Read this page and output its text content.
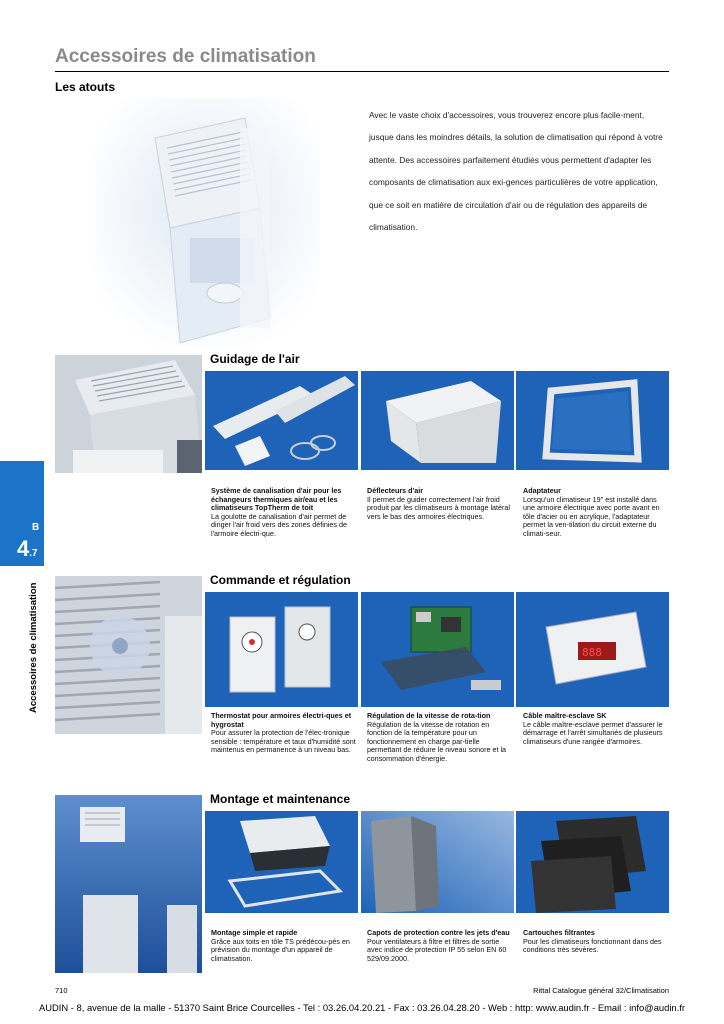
Accessoires de climatisation
Les atouts

Avec le vaste choix d'accessoires, vous trouverez encore plus facile-ment, jusque dans les moindres détails, la solution de climatisation qui répond à votre attente. Des accessoires parfaitement étudiés vous permettent d'adapter les composants de climatisation aux exi-gences particulières de votre application, que ce soit en matière de circulation d'air ou de régulation des appareils de climatisation.

B
4.7
Accessoires de climatisation
Guidage de l'air

Système de canalisation d'air pour les échangeurs thermiques air/eau et les climatiseurs TopTherm de toit
La goulotte de canalisation d'air permet de diriger l'air froid vers des zones définies de l'armoire électri-que.

Déflecteurs d'air
Il permet de guider correctement l'air froid produit par les climatiseurs à montage latéral vers le bas des armoires électriques.

Adaptateur
Lorsqu'un climatiseur 19" est installé dans une armoire électrique avec porte avant en tôle d'acier ou en acrylique, l'adaptateur permet la ven-tilation du circuit externe du climati-seur.

Commande et régulation
888

Thermostat pour armoires électri-ques et hygrostat
Pour assurer la protection de l'élec-tronique sensible : température et taux d'humidité sont maintenus en permanence à un niveau bas.

Régulation de la vitesse de rota-tion
Régulation de la vitesse de rotation en fonction de la température pour un fonctionnement en charge par-tielle permettant de réduire le niveau sonore et la consommation d'énergie.

Câble maître-esclave SK
Le câble maître-esclave permet d'assurer le démarrage et l'arrêt simultanés de plusieurs climatiseurs d'une rangée d'armoires.

Montage et maintenance

Montage simple et rapide
Grâce aux toits en tôle TS prédécou-pés en prévision du montage d'un appareil de climatisation.

Capots de protection contre les jets d'eau
Pour ventilateurs à filtre et filtres de sortie avec indice de protection IP 55 selon EN 60 529/09.2000.

Cartouches filtrantes
Pour les climatiseurs fonctionnant dans des conditions très sévères.

710	Rittal Catalogue général 32/Climatisation
AUDIN - 8, avenue de la malle - 51370 Saint Brice Courcelles - Tel : 03.26.04.20.21 - Fax : 03.26.04.28.20 - Web : http: www.audin.fr - Email : info@audin.fr
